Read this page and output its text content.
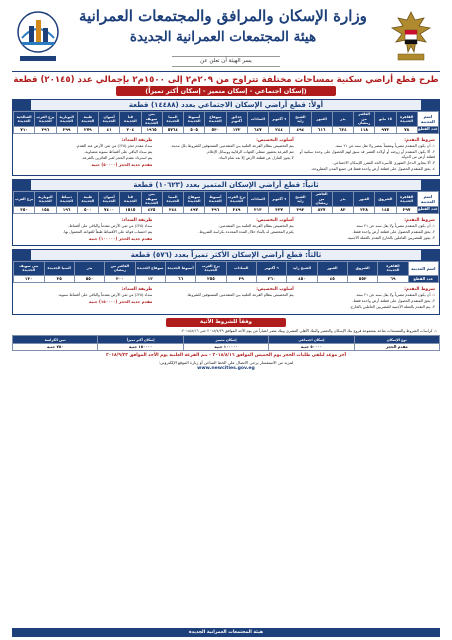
وزارة الإسكان والمرافق والمجتمعات العمرانية
هيئة المجتمعات العمرانية الجديدة
يسر الهيئة أن تعلن عن
طرح قطع أراضي سكنية بمساحات مختلفة تتراوح من ٢٠٩م٢ إلى ١٥٠٠م٢ بإجمالي عدد (٢٠١٤٥) قطعة
(إسكان اجتماعي - إسكان متميز - إسكان أكثر تميزاً)
أولاً: قطع أراضي الإسكان الاجتماعي بعدد (١٤٤٨٨) قطعة
اسم المدينة	القاهرة الجديدة	١٥ مايو	العاشر من رمضان	بدر	العبور	الشيخ زايد	٦ أكتوبر	السادات	حدائق أكتوبر	سوهاج الجديدة	أسيوط الجديدة	المنيا الجديدة	بني سويف الجديدة	قنا الجديدة	أسوان الجديدة	طيبة الجديدة	النوبارية الجديدة	برج العرب الجديدة	الصالحية الجديدة
عدد القطع	٧٨	٩٧٢	١١٨	٦٢٤	٦١٦	٤٩٤	٢٤٤	٦٤٧	١٢٢	٥٣٠	٥٠٥	٥٧٦٤	١٩٦٥	٢٠٤	٤١	٢٧٩	٢٩٩	٢٩٦	٧١٠
شروط التقدم:

١- أن يكون المتقدم مصرياً ومقيماً بمصر ولا تقل سنه عن ٢١ سنة.

٢- ألا يكون المتقدم أو زوجته أو أولاده القصر قد سبق لهم الحصول على وحدة سكنية أو قطعة أرض من الدولة.

٣- ألا يتجاوز الدخل الشهري للأسرة الحد المقرر للإسكان الاجتماعي.

٤- يحق للمتقدم الحصول على قطعة أرض واحدة فقط في جميع المدن المطروحة.

أسلوب التخصيص:

يتم التخصيص بنظام القرعة العلنية بين المتقدمين المستوفين للشروط بكل مدينة.

تتم القرعة بحضور ممثلي الجهات الرقابية ووسائل الإعلام.

لا يجوز التنازل عن قطعة الأرض إلا بعد تمام البناء.

طريقة السداد:

سداد مقدم حجز (٢٥٪) من ثمن الأرض عند التقدم.

يتم سداد الباقي على أقساط سنوية متساوية.

يتم استرداد مقدم الحجز لغير الفائزين بالقرعة.

مقدم جدية الحجز (٥٠٠٠٠) جنيه
ثانياً: قطع أراضي الإسكان المتميز بعدد (١٠٦٢٣) قطعة
اسم المدينة	القاهرة الجديدة	الشروق	العبور	بدر	العاشر من رمضان	الشيخ زايد	٦ أكتوبر	السادات	برج العرب الجديدة	أسيوط الجديدة	سوهاج الجديدة	المنيا الجديدة	بني سويف الجديدة	قنا الجديدة	أسوان الجديدة	طيبة الجديدة	دمياط الجديدة	النوبارية الجديدة	برج العرب
عدد القطع	٢٩٧	١٤٥	٢٢٨	٨٣	٨٢٧	٣٩٢	٣٣٧	٣١٣	٢٤٩	٣٩٦	٤٩٧	٣٤٤	٤٢٥	١٥١٥	٧٤٠٠	٥٠٠	١٩٦	١٥٨	٣٥٠
شروط التقدم:

١- أن يكون المتقدم مصرياً ولا يقل سنه عن ٢١ سنة.

٢- يحق للمتقدم الحصول على قطعة أرض واحدة فقط.

٣- يجوز للمصريين العاملين بالخارج التقدم بالعملة الأجنبية.

أسلوب التخصيص:

يتم التخصيص بنظام القرعة العلنية بين المتقدمين.

يلتزم المخصص له بالبناء خلال المدة المحددة بكراسة الشروط.

طريقة السداد:

سداد (٢٥٪) من ثمن الأرض مقدماً والباقي على أقساط.

يتم احتساب فوائد على الأقساط طبقاً للقواعد المعمول بها.

مقدم جدية الحجز (١٠٠٠٠٠) جنيه
ثالثاً: قطع أراضي الإسكان الأكثر تميزاً بعدد (٥٧٦) قطعة
اسم المدينة	القاهرة الجديدة	الشروق	العبور	الشيخ زايد	٦ أكتوبر	السادات	برج العرب الجديدة	أسيوط الجديدة	سوهاج الجديدة	العاشر من رمضان	بدر	المنيا الجديدة	بني سويف الجديدة
عدد القطع	٦٩	٥٥٣	٤٥	٤٥٠	٣٦٠	٣٩	٢٥٥	٦٦	١٢	٣٠٠	٥٥٠	٣٥	١٣٠
شروط التقدم:

١- أن يكون المتقدم مصرياً ولا يقل سنه عن ٢١ سنة.

٢- يحق للمتقدم الحصول على قطعة أرض واحدة فقط.

٣- يتم التقدم بالعملة الأجنبية للمصريين العاملين بالخارج.

أسلوب التخصيص:

يتم التخصيص بنظام القرعة العلنية بين المتقدمين المستوفين للشروط.

طريقة السداد:

سداد (٢٥٪) من ثمن الأرض مقدماً والباقي على أقساط سنوية.

مقدم جدية الحجز (١٥٠٠٠٠) جنيه
وفقاً للشروط الآتية
١- كراسات الشروط والمستندات متاحة بمجموعة فروع بنك الإسكان والتعمير والبنك الأهلي المصري وبنك مصر اعتباراً من يوم الأحد الموافق ٢٠١٨/٧/٢٩ حتى ٢٠١٨/٨/١٦.
نوع الإسكان	إسكان اجتماعي	إسكان متميز	إسكان أكثر تميزاً	ثمن الكراسة
مقدم الحجز	٥٠٠٠٠ جنيه	١٠٠٠٠٠ جنيه	١٥٠٠٠٠ جنيه	٧٥٠ جنيه
آخر موعد لتلقي طلبات الحجز يوم الخميس الموافق ٢٠١٨/٨/١٦ - تتم القرعة العلنية يوم الأحد الموافق ٢٠١٨/٩/٢٣
لمزيد من الاستفسار يرجى الاتصال على الخط الساخن أو زيارة الموقع الإلكتروني:
www.newcities.gov.eg
هيئة المجتمعات العمرانية الجديدة
